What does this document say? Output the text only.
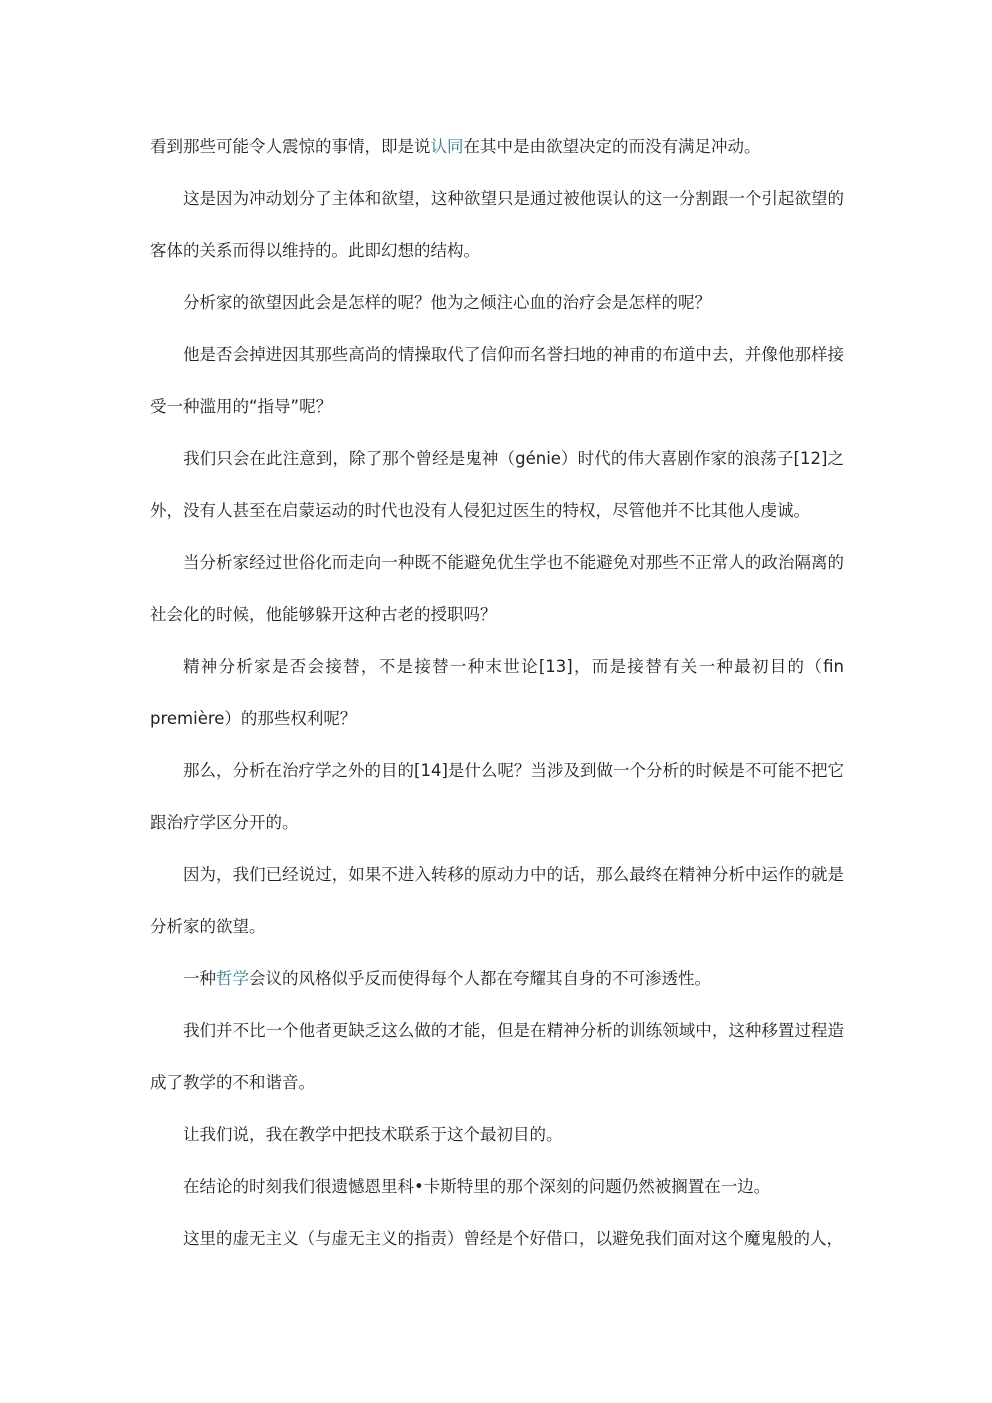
看到那些可能令人震惊的事情，即是说认同在其中是由欲望决定的而没有满足冲动。

这是因为冲动划分了主体和欲望，这种欲望只是通过被他误认的这一分割跟一个引起欲望的客体的关系而得以维持的。此即幻想的结构。

分析家的欲望因此会是怎样的呢？他为之倾注心血的治疗会是怎样的呢？

他是否会掉进因其那些高尚的情操取代了信仰而名誉扫地的神甫的布道中去，并像他那样接受一种滥用的“指导”呢？

我们只会在此注意到，除了那个曾经是鬼神（génie）时代的伟大喜剧作家的浪荡子[12]之外，没有人甚至在启蒙运动的时代也没有人侵犯过医生的特权，尽管他并不比其他人虔诚。

当分析家经过世俗化而走向一种既不能避免优生学也不能避免对那些不正常人的政治隔离的社会化的时候，他能够躲开这种古老的授职吗？

精神分析家是否会接替，不是接替一种末世论[13]，而是接替有关一种最初目的（fin première）的那些权利呢？

那么，分析在治疗学之外的目的[14]是什么呢？当涉及到做一个分析的时候是不可能不把它跟治疗学区分开的。

因为，我们已经说过，如果不进入转移的原动力中的话，那么最终在精神分析中运作的就是分析家的欲望。

一种哲学会议的风格似乎反而使得每个人都在夸耀其自身的不可渗透性。

我们并不比一个他者更缺乏这么做的才能，但是在精神分析的训练领域中，这种移置过程造成了教学的不和谐音。

让我们说，我在教学中把技术联系于这个最初目的。

在结论的时刻我们很遗憾恩里科•卡斯特里的那个深刻的问题仍然被搁置在一边。

这里的虚无主义（与虚无主义的指责）曾经是个好借口，以避免我们面对这个魔鬼般的人，
